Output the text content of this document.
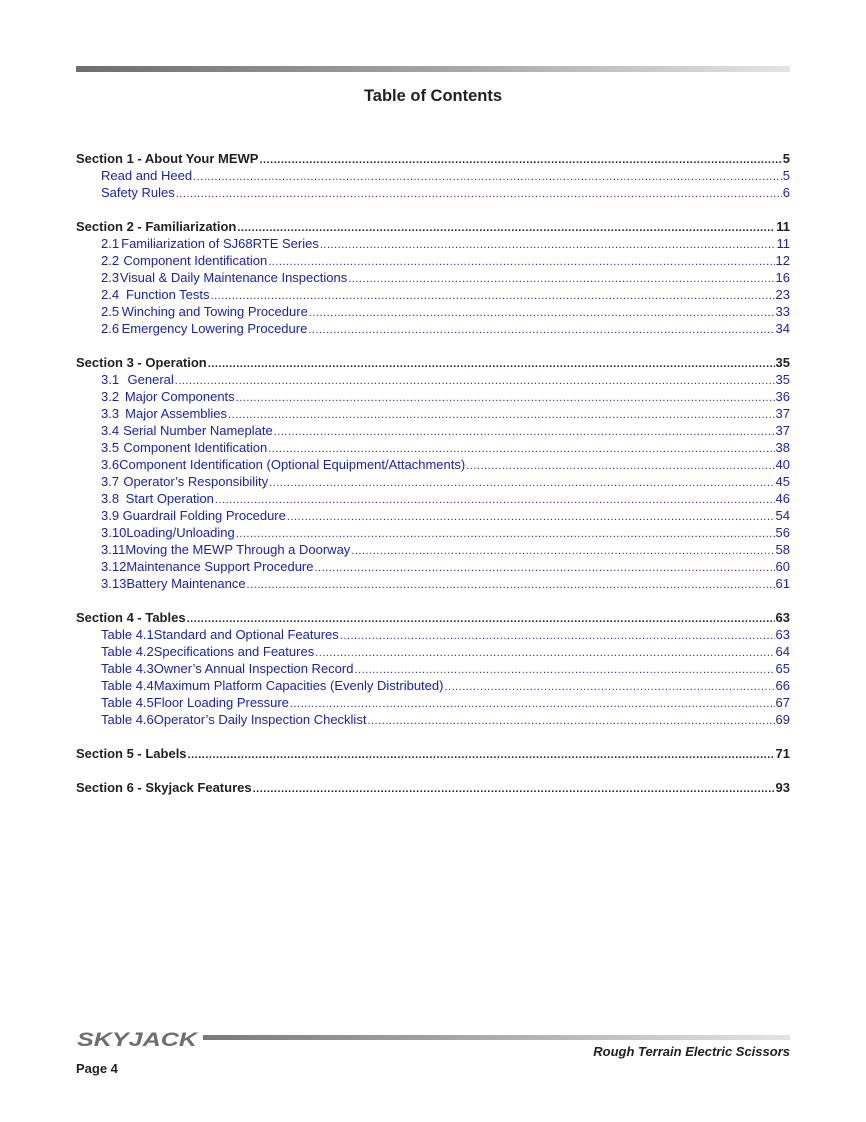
Table of Contents
Section 1 - About Your MEWP .....	5
Read and Heed .....	5
Safety Rules .....	6
Section 2 - Familiarization .....	11
2.1 Familiarization of SJ68RTE Series .....	11
2.2 Component Identification .....	12
2.3 Visual & Daily Maintenance Inspections .....	16
2.4 Function Tests .....	23
2.5 Winching and Towing Procedure .....	33
2.6 Emergency Lowering Procedure .....	34
Section 3 - Operation .....	35
3.1 General .....	35
3.2 Major Components .....	36
3.3 Major Assemblies .....	37
3.4 Serial Number Nameplate .....	37
3.5 Component Identification .....	38
3.6 Component Identification (Optional Equipment/Attachments) .....	40
3.7 Operator’s Responsibility .....	45
3.8 Start Operation .....	46
3.9 Guardrail Folding Procedure .....	54
3.10 Loading/Unloading .....	56
3.11 Moving the MEWP Through a Doorway .....	58
3.12 Maintenance Support Procedure .....	60
3.13 Battery Maintenance .....	61
Section 4 - Tables .....	63
Table 4.1 Standard and Optional Features .....	63
Table 4.2 Specifications and Features .....	64
Table 4.3 Owner’s Annual Inspection Record .....	65
Table 4.4 Maximum Platform Capacities (Evenly Distributed) .....	66
Table 4.5 Floor Loading Pressure .....	67
Table 4.6 Operator’s Daily Inspection Checklist .....	69
Section 5 - Labels .....	71
Section 6 - Skyjack Features .....	93
SKYJACK
Rough Terrain Electric Scissors
Page 4
